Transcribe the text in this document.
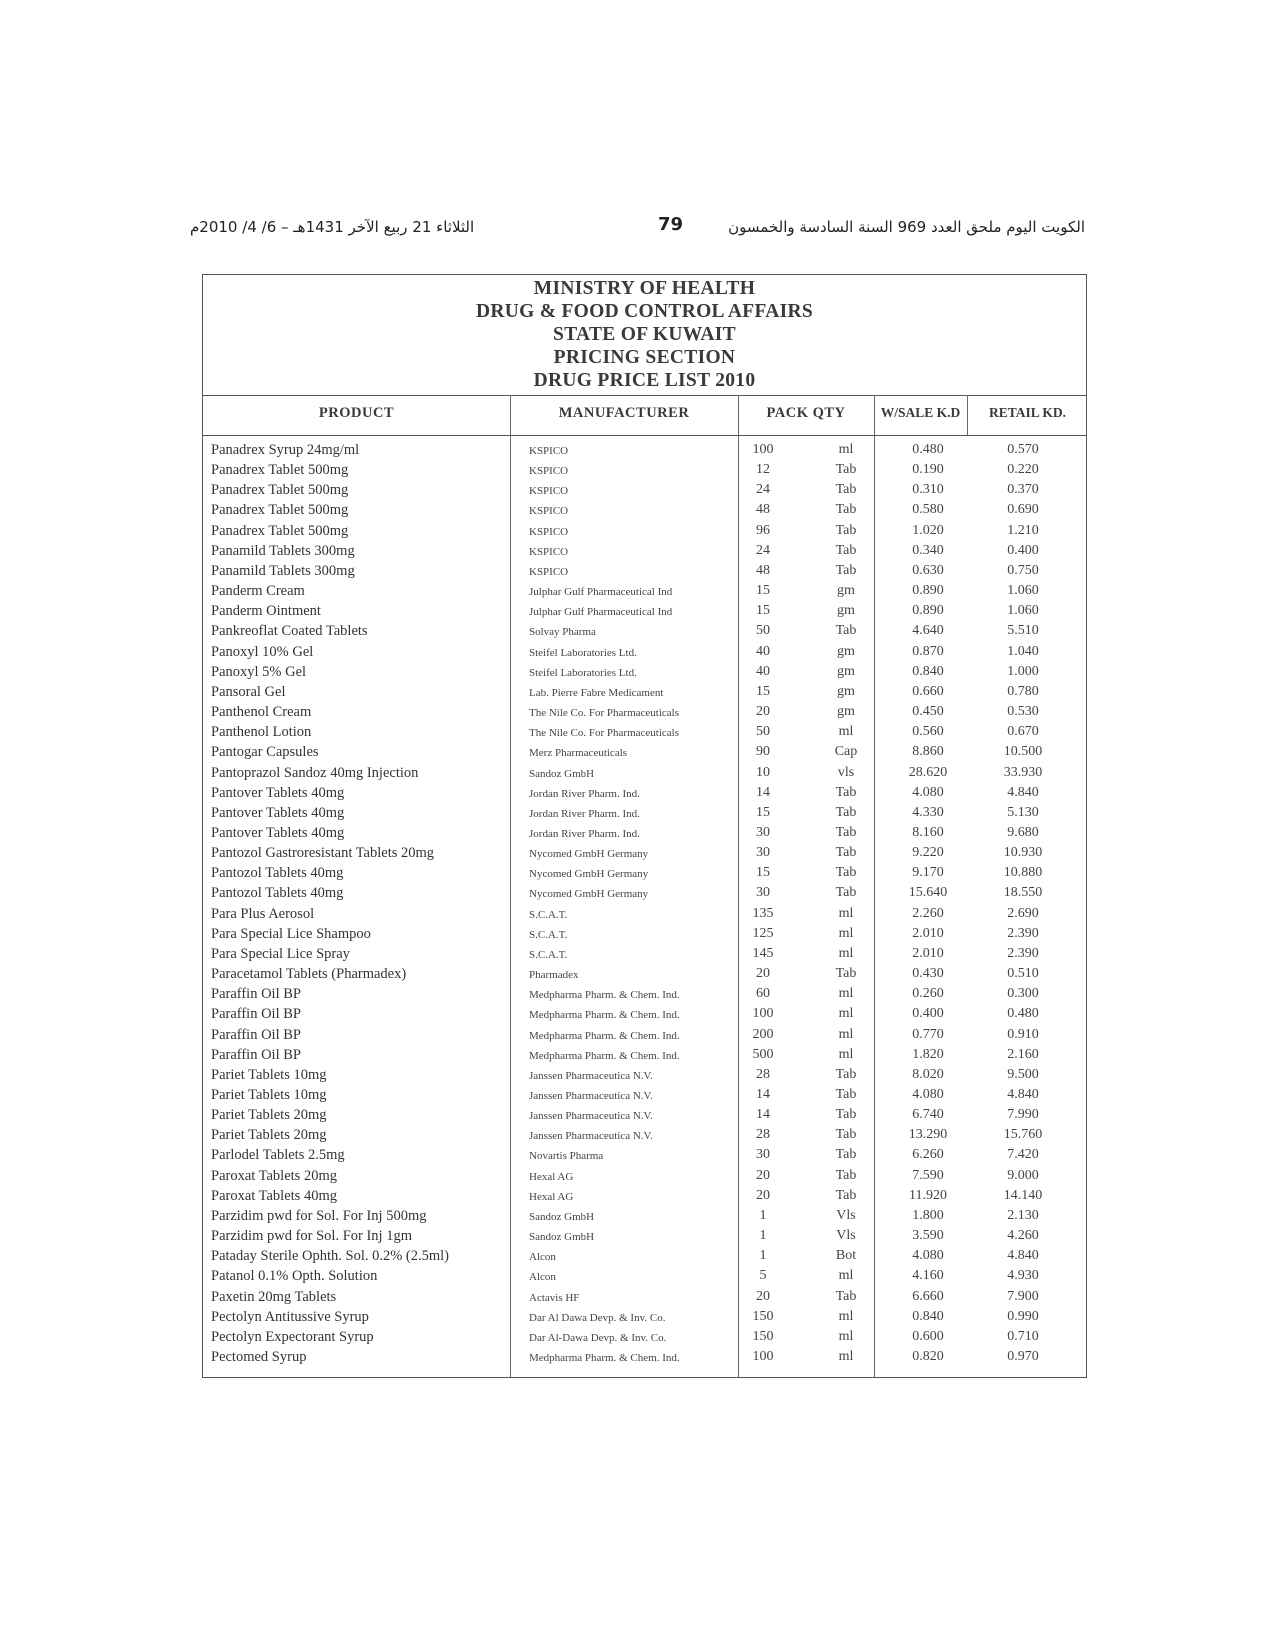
الثلاثاء 21 ربيع الآخر 1431هـ – 6/ 4/ 2010م	79	الكويت اليوم ملحق العدد 969 السنة السادسة والخمسون
MINISTRY OF HEALTH
DRUG & FOOD CONTROL AFFAIRS
STATE OF KUWAIT
PRICING SECTION
DRUG PRICE LIST 2010
PRODUCT	MANUFACTURER	PACK QTY	W/SALE K.D	RETAIL KD.
Panadrex Syrup 24mg/ml	KSPICO	100	ml	0.480	0.570
Panadrex Tablet 500mg	KSPICO	12	Tab	0.190	0.220
Panadrex Tablet 500mg	KSPICO	24	Tab	0.310	0.370
Panadrex Tablet 500mg	KSPICO	48	Tab	0.580	0.690
Panadrex Tablet 500mg	KSPICO	96	Tab	1.020	1.210
Panamild Tablets 300mg	KSPICO	24	Tab	0.340	0.400
Panamild Tablets 300mg	KSPICO	48	Tab	0.630	0.750
Panderm Cream	Julphar Gulf Pharmaceutical Ind	15	gm	0.890	1.060
Panderm Ointment	Julphar Gulf Pharmaceutical Ind	15	gm	0.890	1.060
Pankreoflat Coated Tablets	Solvay Pharma	50	Tab	4.640	5.510
Panoxyl 10% Gel	Steifel Laboratories Ltd.	40	gm	0.870	1.040
Panoxyl 5% Gel	Steifel Laboratories Ltd.	40	gm	0.840	1.000
Pansoral Gel	Lab. Pierre Fabre Medicament	15	gm	0.660	0.780
Panthenol Cream	The Nile Co. For Pharmaceuticals	20	gm	0.450	0.530
Panthenol Lotion	The Nile Co. For Pharmaceuticals	50	ml	0.560	0.670
Pantogar Capsules	Merz Pharmaceuticals	90	Cap	8.860	10.500
Pantoprazol Sandoz 40mg Injection	Sandoz GmbH	10	vls	28.620	33.930
Pantover Tablets 40mg	Jordan River Pharm. Ind.	14	Tab	4.080	4.840
Pantover Tablets 40mg	Jordan River Pharm. Ind.	15	Tab	4.330	5.130
Pantover Tablets 40mg	Jordan River Pharm. Ind.	30	Tab	8.160	9.680
Pantozol Gastroresistant Tablets 20mg	Nycomed GmbH Germany	30	Tab	9.220	10.930
Pantozol Tablets 40mg	Nycomed GmbH Germany	15	Tab	9.170	10.880
Pantozol Tablets 40mg	Nycomed GmbH Germany	30	Tab	15.640	18.550
Para Plus Aerosol	S.C.A.T.	135	ml	2.260	2.690
Para Special Lice Shampoo	S.C.A.T.	125	ml	2.010	2.390
Para Special Lice Spray	S.C.A.T.	145	ml	2.010	2.390
Paracetamol Tablets (Pharmadex)	Pharmadex	20	Tab	0.430	0.510
Paraffin Oil BP	Medpharma Pharm. & Chem. Ind.	60	ml	0.260	0.300
Paraffin Oil BP	Medpharma Pharm. & Chem. Ind.	100	ml	0.400	0.480
Paraffin Oil BP	Medpharma Pharm. & Chem. Ind.	200	ml	0.770	0.910
Paraffin Oil BP	Medpharma Pharm. & Chem. Ind.	500	ml	1.820	2.160
Pariet Tablets 10mg	Janssen Pharmaceutica N.V.	28	Tab	8.020	9.500
Pariet Tablets 10mg	Janssen Pharmaceutica N.V.	14	Tab	4.080	4.840
Pariet Tablets 20mg	Janssen Pharmaceutica N.V.	14	Tab	6.740	7.990
Pariet Tablets 20mg	Janssen Pharmaceutica N.V.	28	Tab	13.290	15.760
Parlodel Tablets 2.5mg	Novartis Pharma	30	Tab	6.260	7.420
Paroxat Tablets 20mg	Hexal AG	20	Tab	7.590	9.000
Paroxat Tablets 40mg	Hexal AG	20	Tab	11.920	14.140
Parzidim pwd for Sol. For Inj 500mg	Sandoz GmbH	1	Vls	1.800	2.130
Parzidim pwd for Sol. For Inj 1gm	Sandoz GmbH	1	Vls	3.590	4.260
Pataday Sterile Ophth. Sol. 0.2% (2.5ml)	Alcon	1	Bot	4.080	4.840
Patanol 0.1% Opth. Solution	Alcon	5	ml	4.160	4.930
Paxetin 20mg Tablets	Actavis HF	20	Tab	6.660	7.900
Pectolyn Antitussive Syrup	Dar Al Dawa Devp. & Inv. Co.	150	ml	0.840	0.990
Pectolyn Expectorant Syrup	Dar Al-Dawa Devp. & Inv. Co.	150	ml	0.600	0.710
Pectomed Syrup	Medpharma Pharm. & Chem. Ind.	100	ml	0.820	0.970
